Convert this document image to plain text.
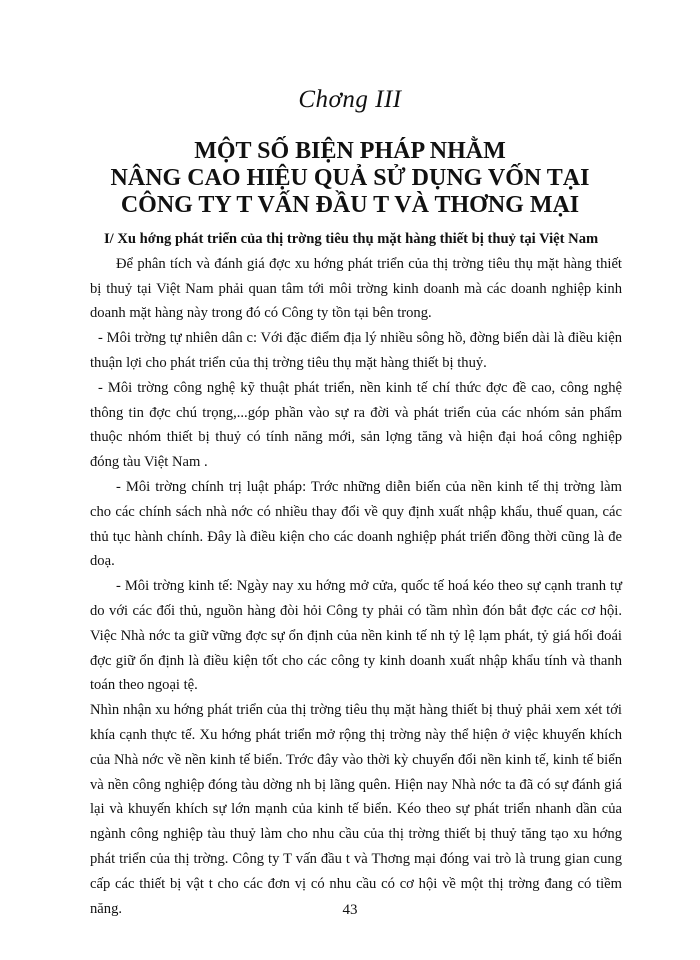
Chơng III
MỘT SỐ BIỆN PHÁP NHẰM
NÂNG CAO HIỆU QUẢ SỬ DỤNG VỐN TẠI
CÔNG TY T VẤN ĐẦU T VÀ THƠNG MẠI

I/ Xu hớng phát triển của thị trờng tiêu thụ mặt hàng thiết bị thuỷ tại Việt Nam

Để phân tích và đánh giá đợc xu hớng phát triển của thị trờng tiêu thụ mặt hàng thiết bị thuỷ tại Việt Nam phải quan tâm tới môi trờng kinh doanh mà các doanh nghiệp kinh doanh mặt hàng này trong đó có Công ty tồn tại bên trong.

- Môi trờng tự nhiên dân c: Với đặc điểm địa lý nhiều sông hồ, đờng biển dài là điều kiện thuận lợi cho phát triển của thị trờng tiêu thụ mặt hàng thiết bị thuỷ.

- Môi trờng công nghệ kỹ thuật phát triển, nền kinh tế chí thức đợc đề cao, công nghệ thông tin đợc chú trọng,...góp phần vào sự ra đời và phát triển của các nhóm sản phẩm thuộc nhóm thiết bị thuỷ có tính năng mới, sản lợng tăng và hiện đại hoá công nghiệp đóng tàu Việt Nam .

- Môi trờng chính trị luật pháp: Trớc những diễn biến của nền kinh tế thị trờng làm cho các chính sách nhà nớc có nhiều thay đổi về quy định xuất nhập khẩu, thuế quan, các thủ tục hành chính. Đây là điều kiện cho các doanh nghiệp phát triển đồng thời cũng là đe doạ.

- Môi trờng kinh tế: Ngày nay xu hớng mở cửa, quốc tế hoá kéo theo sự cạnh tranh tự do với các đối thủ, nguồn hàng đòi hỏi Công ty phải có tầm nhìn đón bắt đợc các cơ hội. Việc Nhà nớc ta giữ vững đợc sự ổn định của nền kinh tế nh tỷ lệ lạm phát, tỷ giá hối đoái đợc giữ ổn định là điều kiện tốt cho các công ty kinh doanh xuất nhập khẩu tính và thanh toán theo ngoại tệ.

Nhìn nhận xu hớng phát triển của thị trờng tiêu thụ mặt hàng thiết bị thuỷ phải xem xét tới khía cạnh thực tế. Xu hớng phát triển mở rộng thị trờng này thể hiện ở việc khuyến khích của Nhà nớc về nền kinh tế biển. Trớc đây vào thời kỳ chuyển đổi nền kinh tế, kinh tế biển và nền công nghiệp đóng tàu dờng nh bị lãng quên. Hiện nay Nhà nớc ta đã có sự đánh giá lại và khuyến khích sự lớn mạnh của kinh tế biển. Kéo theo sự phát triển nhanh dần của ngành công nghiệp tàu thuỷ làm cho nhu cầu của thị trờng thiết bị thuỷ tăng tạo xu hớng phát triển của thị trờng. Công ty T vấn đầu t và Thơng mại đóng vai trò là trung gian cung cấp các thiết bị vật t cho các đơn vị có nhu cầu có cơ hội về một thị trờng đang có tiềm năng.	43
